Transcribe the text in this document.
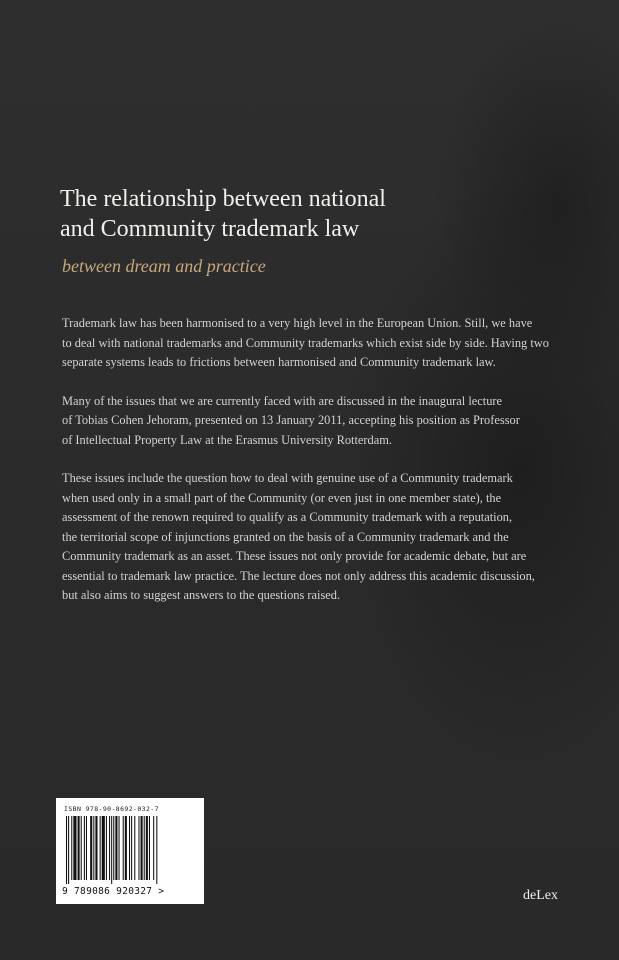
The relationship between national
and Community trademark law

between dream and practice

Trademark law has been harmonised to a very high level in the European Union. Still, we have
to deal with national trademarks and Community trademarks which exist side by side. Having two
separate systems leads to frictions between harmonised and Community trademark law.

Many of the issues that we are currently faced with are discussed in the inaugural lecture
of Tobias Cohen Jehoram, presented on 13 January 2011, accepting his position as Professor
of Intellectual Property Law at the Erasmus University Rotterdam.

These issues include the question how to deal with genuine use of a Community trademark
when used only in a small part of the Community (or even just in one member state), the
assessment of the renown required to qualify as a Community trademark with a reputation,
the territorial scope of injunctions granted on the basis of a Community trademark and the
Community trademark as an asset. These issues not only provide for academic debate, but are
essential to trademark law practice. The lecture does not only address this academic discussion,
but also aims to suggest answers to the questions raised.

ISBN 978-90-8692-032-7
9 789086 920327 >	deLex
